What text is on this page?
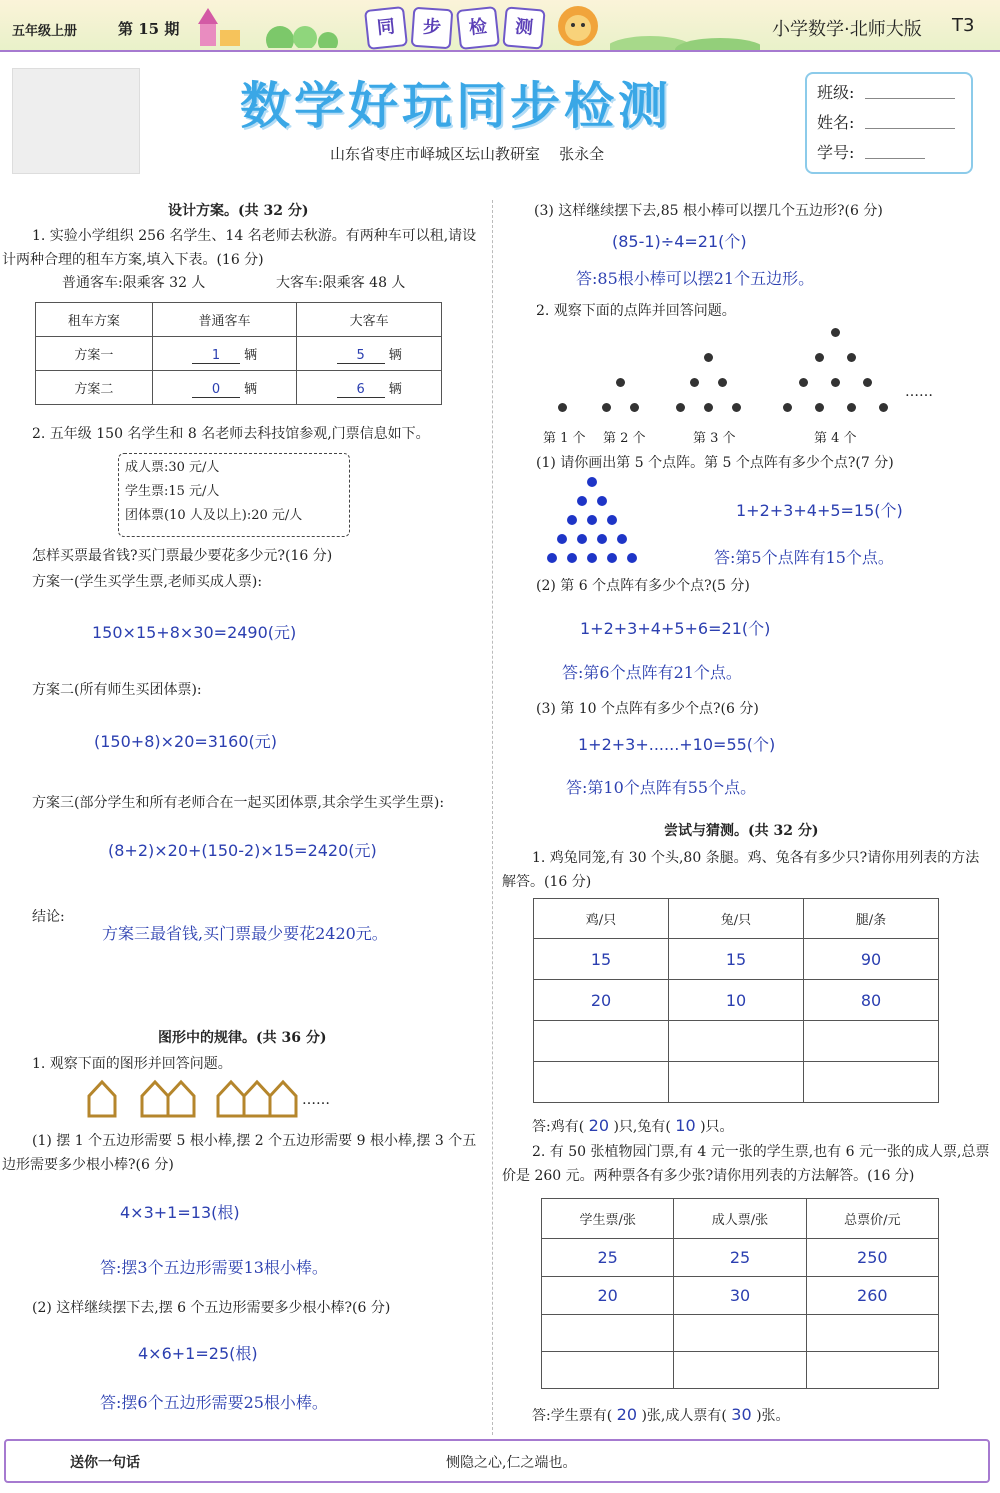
五年级上册	第 15 期	同	步	检	测	小学数学·北师大版 T3
数学好玩同步检测
山东省枣庄市峄城区坛山教研室    张永全
班级:
姓名:
学号:
设计方案。(共 32 分)
1. 实验小学组织 256 名学生、14 名老师去秋游。有两种车可以租,请设计两种合理的租车方案,填入下表。(16 分)
普通客车:限乘客 32 人	大客车:限乘客 48 人
租车方案	普通客车	大客车
方案一	1 辆	5 辆
方案二	0 辆	6 辆
2. 五年级 150 名学生和 8 名老师去科技馆参观,门票信息如下。
成人票:30 元/人
学生票:15 元/人
团体票(10 人及以上):20 元/人
怎样买票最省钱?买门票最少要花多少元?(16 分)
方案一(学生买学生票,老师买成人票):
150×15+8×30=2490(元)
方案二(所有师生买团体票):
(150+8)×20=3160(元)
方案三(部分学生和所有老师合在一起买团体票,其余学生买学生票):
(8+2)×20+(150-2)×15=2420(元)
结论:
方案三最省钱,买门票最少要花2420元。
图形中的规律。(共 36 分)
1. 观察下面的图形并回答问题。
……
(1) 摆 1 个五边形需要 5 根小棒,摆 2 个五边形需要 9 根小棒,摆 3 个五边形需要多少根小棒?(6 分)
4×3+1=13(根)
答:摆3个五边形需要13根小棒。
(2) 这样继续摆下去,摆 6 个五边形需要多少根小棒?(6 分)
4×6+1=25(根)
答:摆6个五边形需要25根小棒。
(3) 这样继续摆下去,85 根小棒可以摆几个五边形?(6 分)
(85-1)÷4=21(个)
答:85根小棒可以摆21个五边形。
2. 观察下面的点阵并回答问题。
……
第 1 个 第 2 个	第 3 个	第 4 个
(1) 请你画出第 5 个点阵。第 5 个点阵有多少个点?(7 分)
1+2+3+4+5=15(个)
答:第5个点阵有15个点。
(2) 第 6 个点阵有多少个点?(5 分)
1+2+3+4+5+6=21(个)
答:第6个点阵有21个点。
(3) 第 10 个点阵有多少个点?(6 分)
1+2+3+......+10=55(个)
答:第10个点阵有55个点。
尝试与猜测。(共 32 分)
1. 鸡兔同笼,有 30 个头,80 条腿。鸡、兔各有多少只?请你用列表的方法解答。(16 分)
鸡/只	兔/只	腿/条
15	15	90
20	10	80

答:鸡有( 20 )只,兔有( 10 )只。
2. 有 50 张植物园门票,有 4 元一张的学生票,也有 6 元一张的成人票,总票价是 260 元。两种票各有多少张?请你用列表的方法解答。(16 分)
学生票/张	成人票/张	总票价/元
25	25	250
20	30	260

答:学生票有( 20 )张,成人票有( 30 )张。
送你一句话	恻隐之心,仁之端也。
